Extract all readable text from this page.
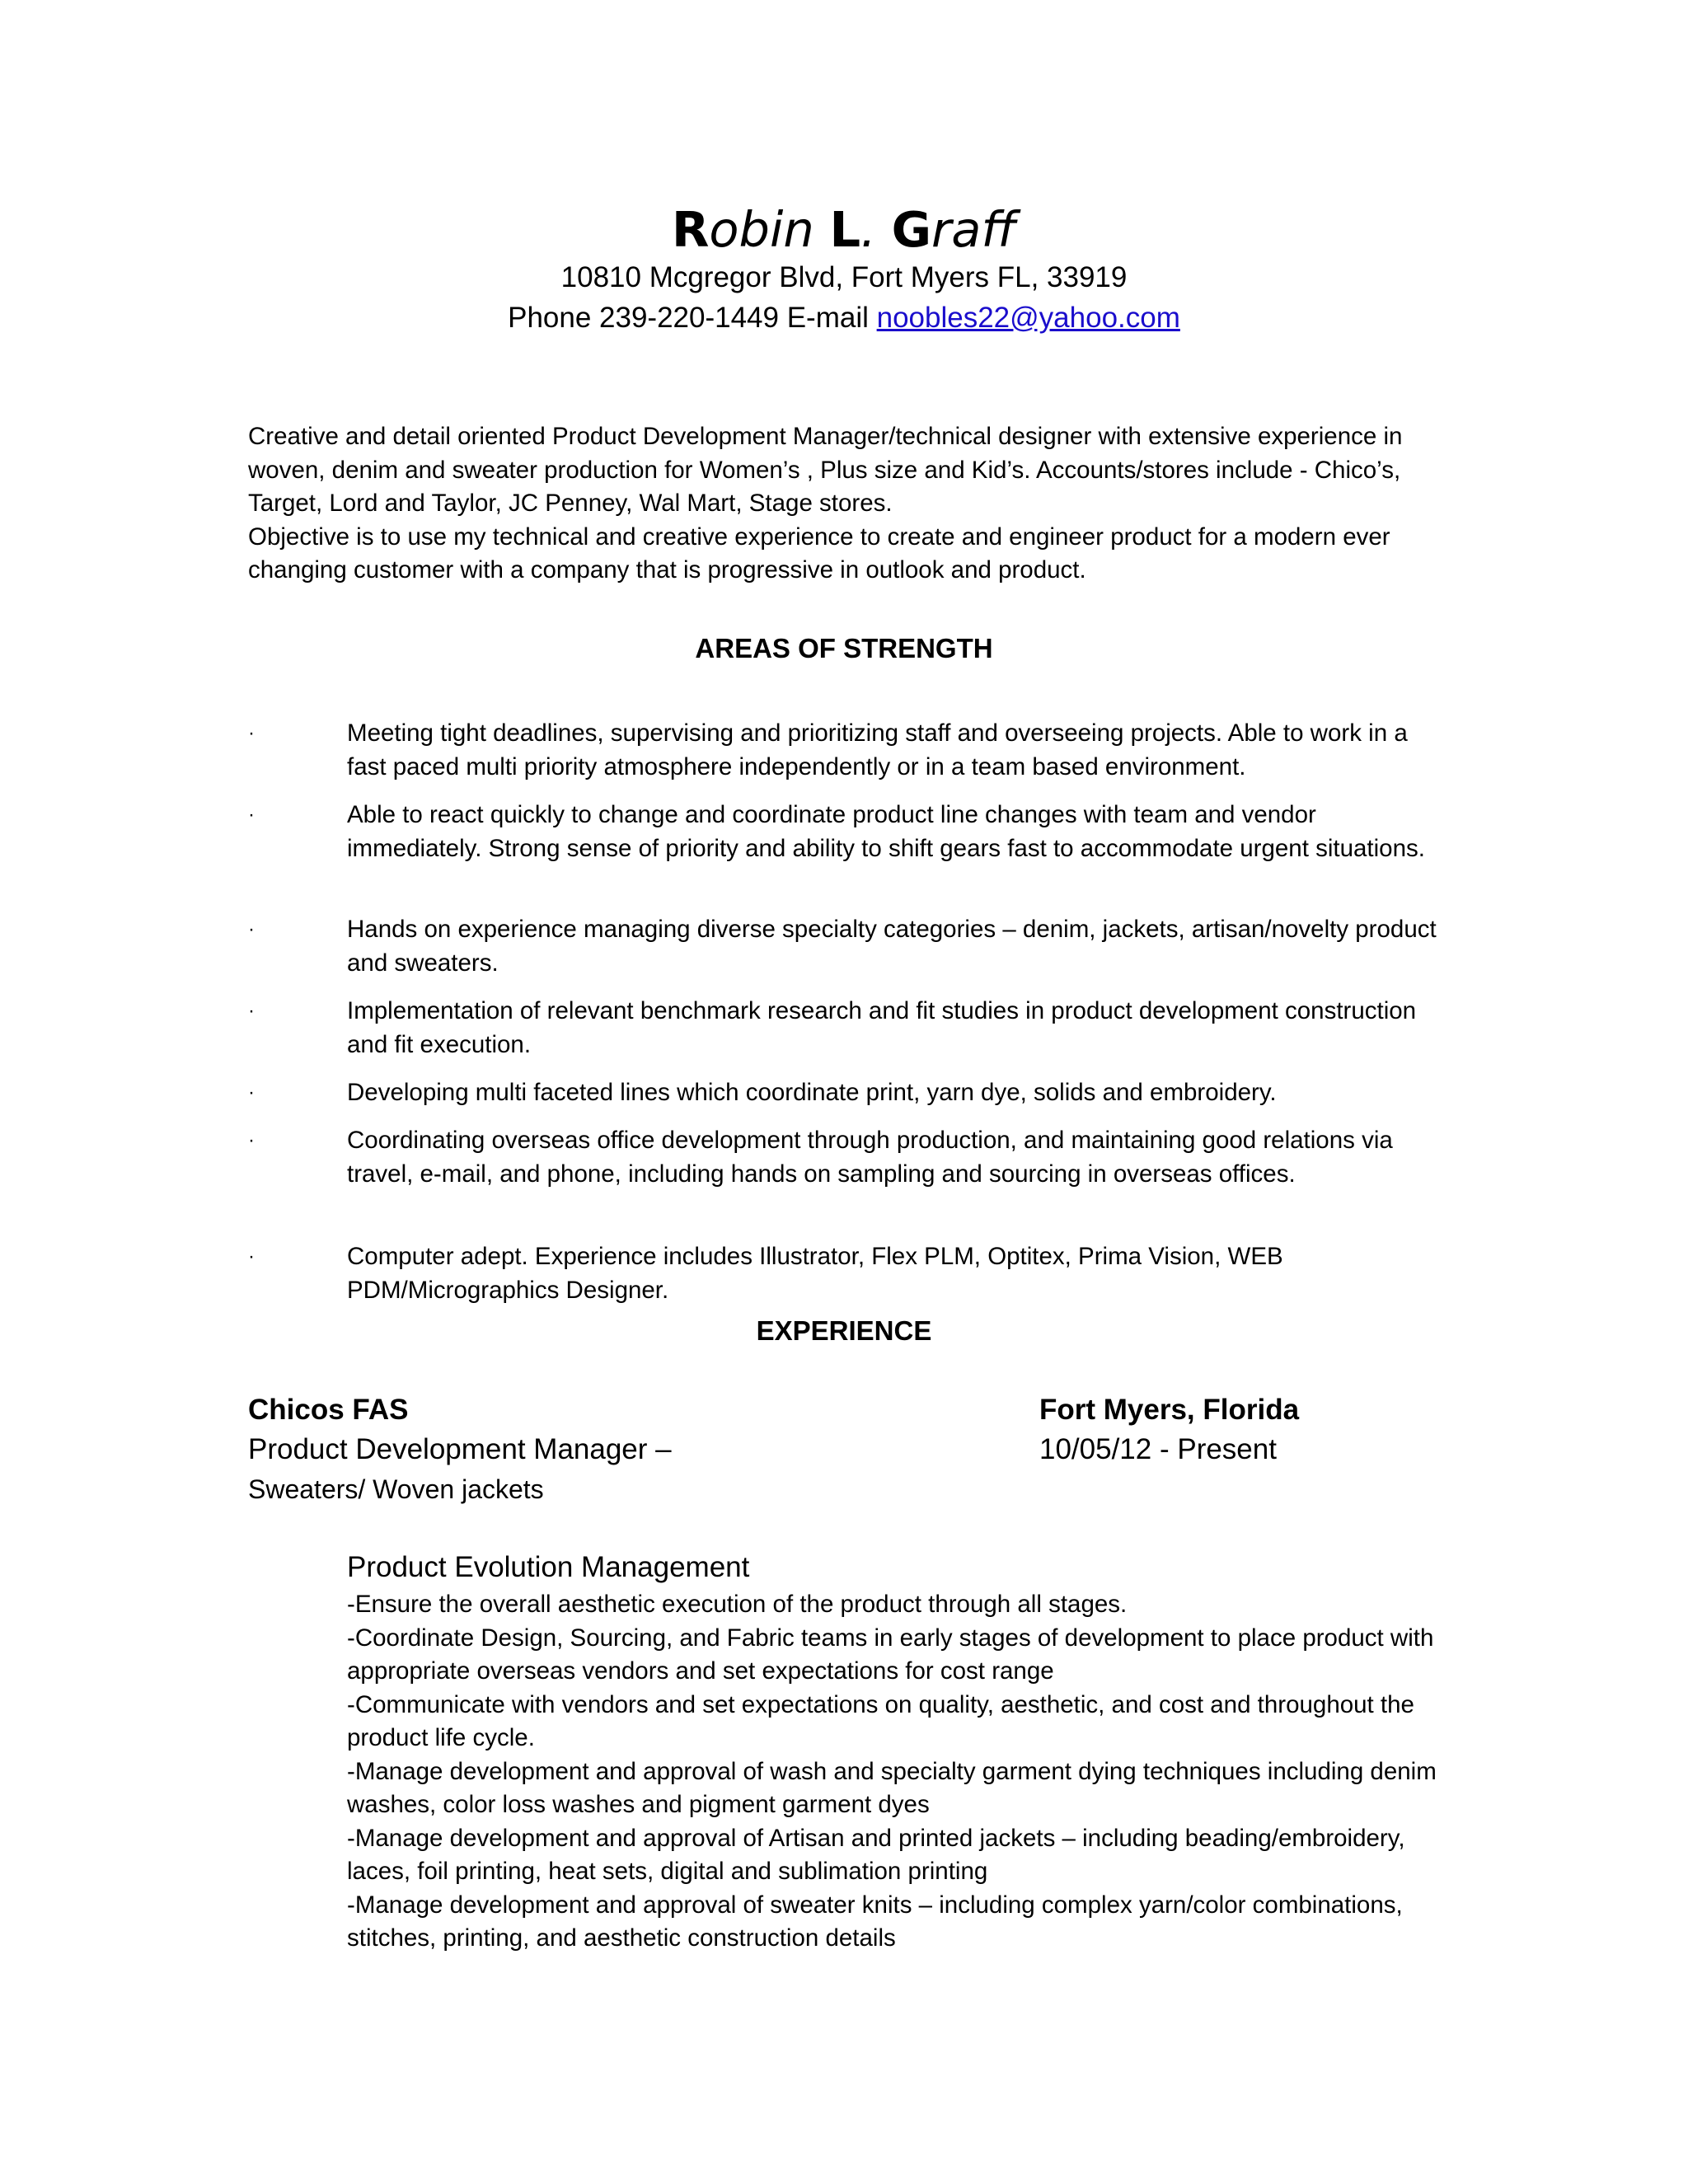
Robin L. Graff
10810 Mcgregor Blvd, Fort Myers FL, 33919
Phone 239-220-1449 E-mail noobles22@yahoo.com

Creative and detail oriented Product Development Manager/technical designer with extensive experience in woven, denim and sweater production for Women’s , Plus size and Kid’s. Accounts/stores include - Chico’s, Target, Lord and Taylor, JC Penney, Wal Mart, Stage stores.

Objective is to use my technical and creative experience to create and engineer product for a modern ever changing customer with a company that is progressive in outlook and product.

AREAS OF STRENGTH
·	Meeting tight deadlines, supervising and prioritizing staff and overseeing projects. Able to work in a fast paced multi priority atmosphere independently or in a team based environment.
·	Able to react quickly to change and coordinate product line changes with team and vendor immediately. Strong sense of priority and ability to shift gears fast to accommodate urgent situations.
·	Hands on experience managing diverse specialty categories – denim, jackets, artisan/novelty product and sweaters.
·	Implementation of relevant benchmark research and fit studies in product development construction and fit execution.
·	Developing multi faceted lines which coordinate print, yarn dye, solids and embroidery.
·	Coordinating overseas office development through production, and maintaining good relations via travel, e-mail, and phone, including hands on sampling and sourcing in overseas offices.
·	Computer adept. Experience includes Illustrator, Flex PLM, Optitex, Prima Vision, WEB PDM/Micrographics Designer.
EXPERIENCE
Chicos FAS	Fort Myers, Florida
Product Development Manager –	10/05/12 - Present
Sweaters/ Woven jackets
Product Evolution Management

-Ensure the overall aesthetic execution of the product through all stages.

-Coordinate Design, Sourcing, and Fabric teams in early stages of development to place product with appropriate overseas vendors and set expectations for cost range

-Communicate with vendors and set expectations on quality, aesthetic, and cost and throughout the product life cycle.

-Manage development and approval of wash and specialty garment dying techniques including denim washes, color loss washes and pigment garment dyes

-Manage development and approval of Artisan and printed jackets – including beading/embroidery, laces, foil printing, heat sets, digital and sublimation printing

-Manage development and approval of sweater knits – including complex yarn/color combinations, stitches, printing, and aesthetic construction details
